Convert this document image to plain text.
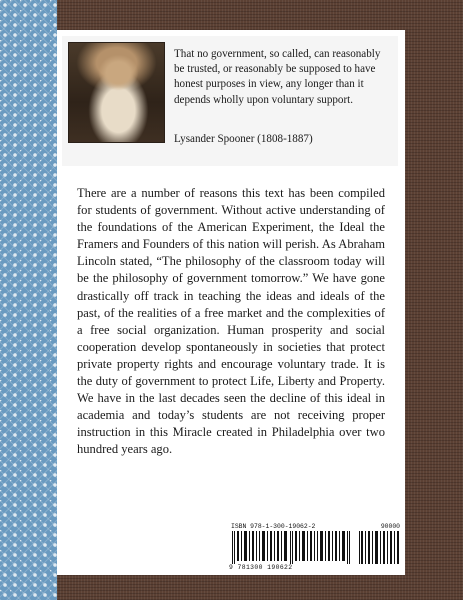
That no government, so called, can reasonably be trusted, or reasonably be supposed to have honest purposes in view, any longer than it depends wholly upon voluntary support.

Lysander Spooner (1808-1887)

There are a number of reasons this text has been compiled for students of government. Without active understanding of the foundations of the American Experiment, the Ideal the Framers and Founders of this nation will perish. As Abraham Lincoln stated, “The philosophy of the classroom today will be the philosophy of government tomorrow.” We have gone drastically off track in teaching the ideas and ideals of the past, of the realities of a free market and the complexities of a free social organization. Human prosperity and social cooperation develop spontaneously in societies that protect private property rights and encourage voluntary trade. It is the duty of government to protect Life, Liberty and Property. We have in the last decades seen the decline of this ideal in academia and today’s students are not receiving proper instruction in this Miracle created in Philadelphia over two hundred years ago.

ISBN 978-1-300-19062-2	90000
9 781300 190622
